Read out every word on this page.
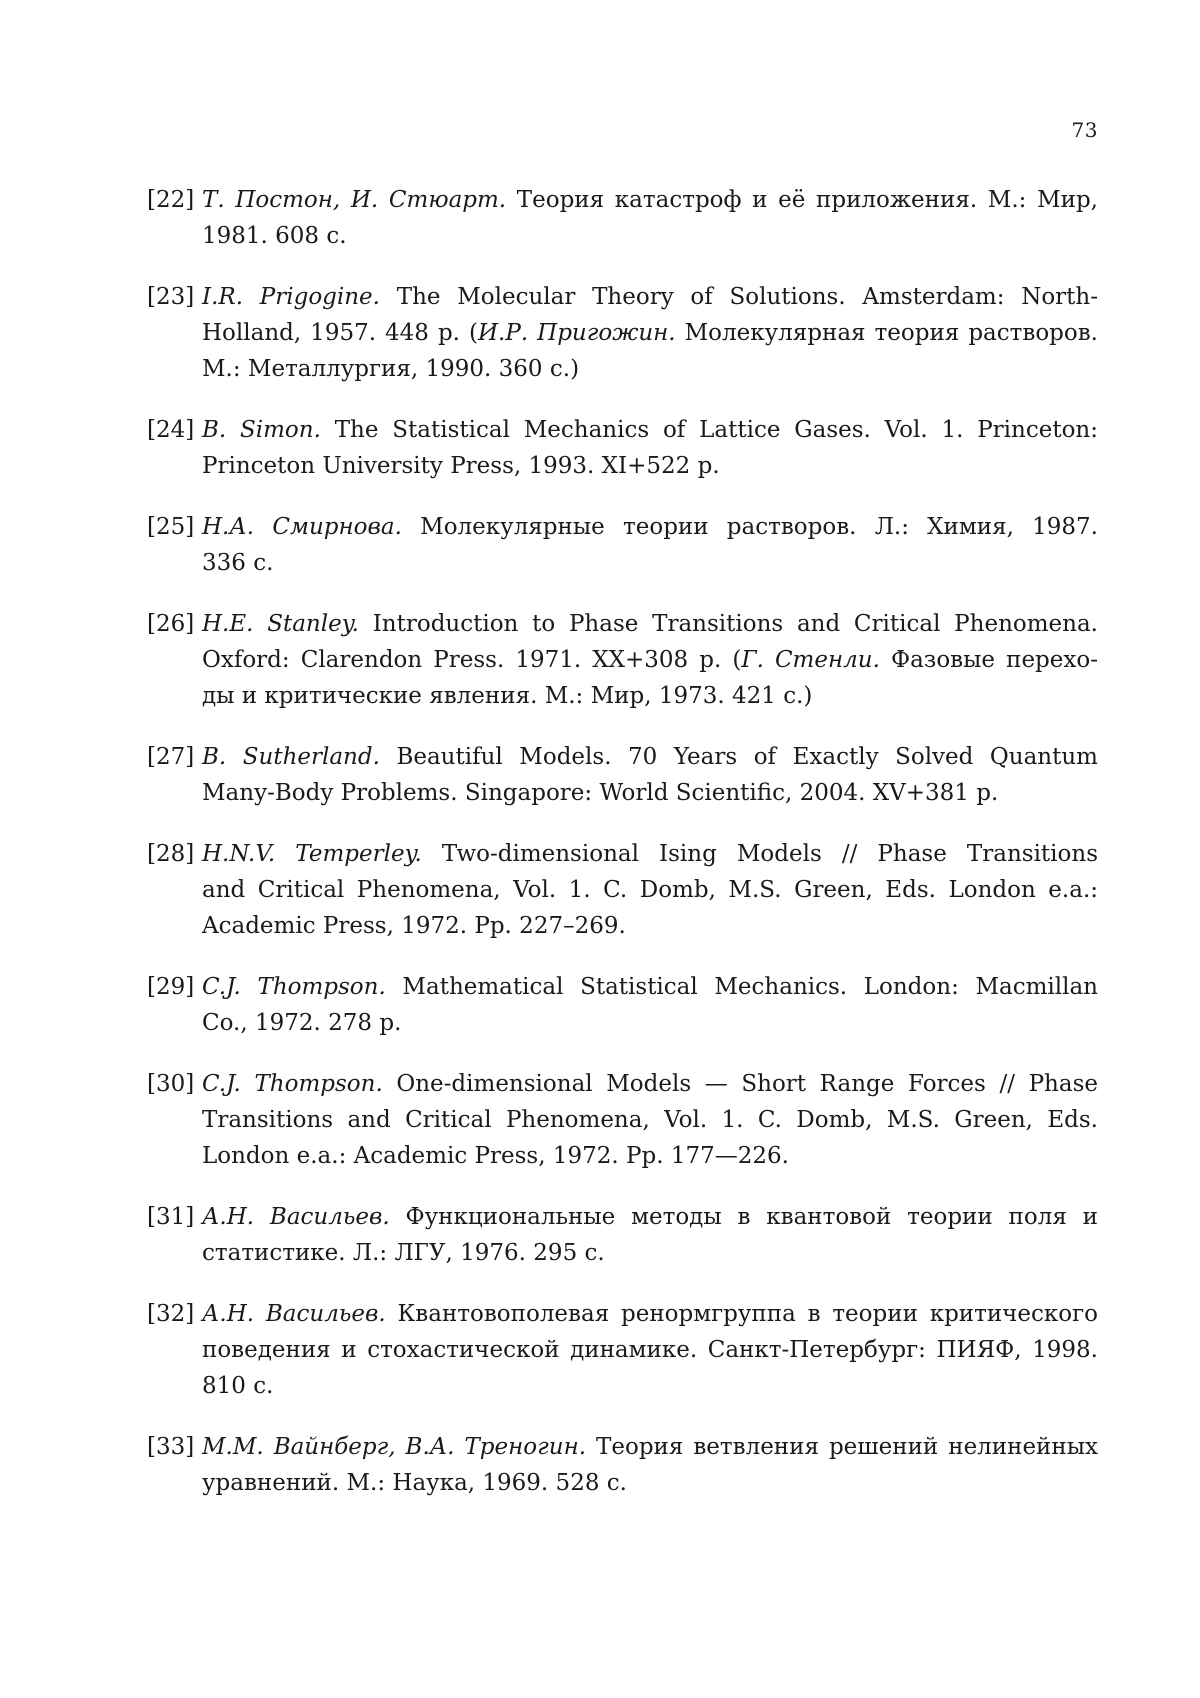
73
[22] Т. Постон, И. Стюарт. Теория катастроф и её приложения. М.: Мир,
1981. 608 с.
[23] I.R. Prigogine. The Molecular Theory of Solutions. Amsterdam: North-
Holland, 1957. 448 p. (И.Р. Пригожин. Молекулярная теория растворов.
М.: Металлургия, 1990. 360 с.)
[24] B. Simon. The Statistical Mechanics of Lattice Gases. Vol. 1. Princeton:
Princeton University Press, 1993. XI+522 p.
[25] Н.А. Смирнова. Молекулярные теории растворов. Л.: Химия, 1987.
336 с.
[26] H.E. Stanley. Introduction to Phase Transitions and Critical Phenomena.
Oxford: Clarendon Press. 1971. XX+308 p. (Г. Стенли. Фазовые перехо-
ды и критические явления. М.: Мир, 1973. 421 с.)
[27] B. Sutherland. Beautiful Models. 70 Years of Exactly Solved Quantum
Many-Body Problems. Singapore: World Scientific, 2004. XV+381 p.
[28] H.N.V. Temperley. Two-dimensional Ising Models // Phase Transitions
and Critical Phenomena, Vol. 1. C. Domb, M.S. Green, Eds. London e.a.:
Academic Press, 1972. Pp. 227–269.
[29] C.J. Thompson. Mathematical Statistical Mechanics. London: Macmillan
Co., 1972. 278 p.
[30] C.J. Thompson. One-dimensional Models — Short Range Forces // Phase
Transitions and Critical Phenomena, Vol. 1. C. Domb, M.S. Green, Eds.
London e.a.: Academic Press, 1972. Pp. 177—226.
[31] А.Н. Васильев. Функциональные методы в квантовой теории поля и
статистике. Л.: ЛГУ, 1976. 295 с.
[32] А.Н. Васильев. Квантовополевая ренормгруппа в теории критического
поведения и стохастической динамике. Санкт-Петербург: ПИЯФ, 1998.
810 с.
[33] М.М. Вайнберг, В.А. Треногин. Теория ветвления решений нелинейных
уравнений. М.: Наука, 1969. 528 с.
